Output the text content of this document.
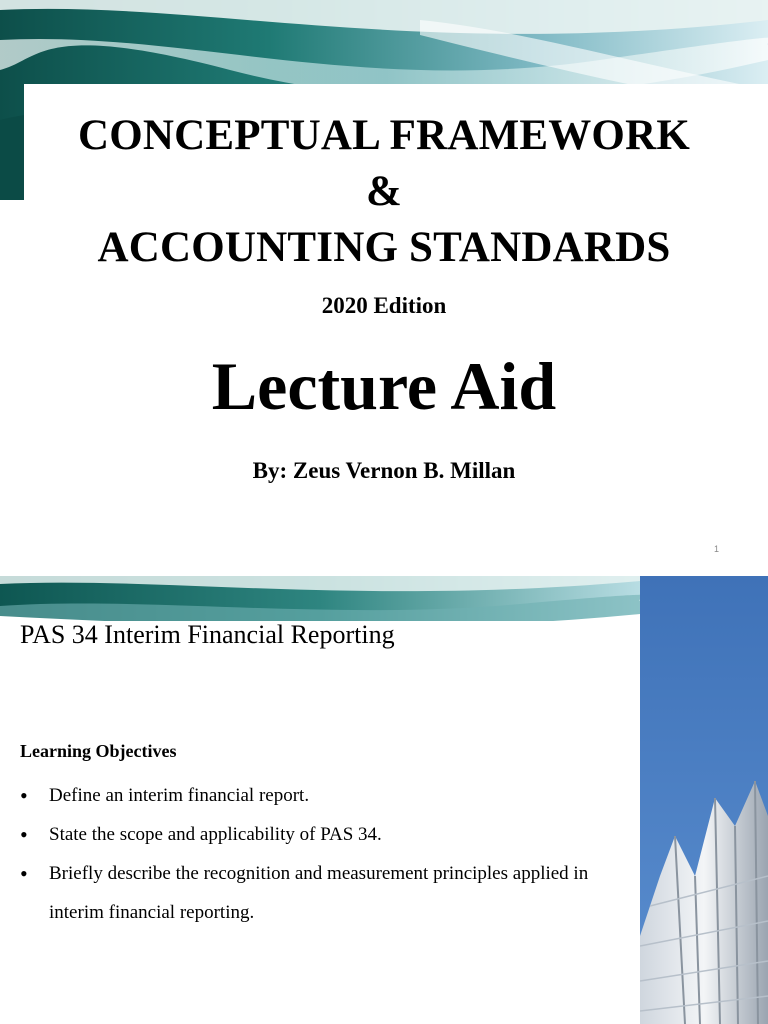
CONCEPTUAL FRAMEWORK
&
ACCOUNTING STANDARDS
2020 Edition
Lecture Aid
By: Zeus Vernon B. Millan
1
PAS 34 Interim Financial Reporting
Learning Objectives
• Define an interim financial report.
• State the scope and applicability of PAS 34.
• Briefly describe the recognition and measurement principles applied in interim financial reporting.
